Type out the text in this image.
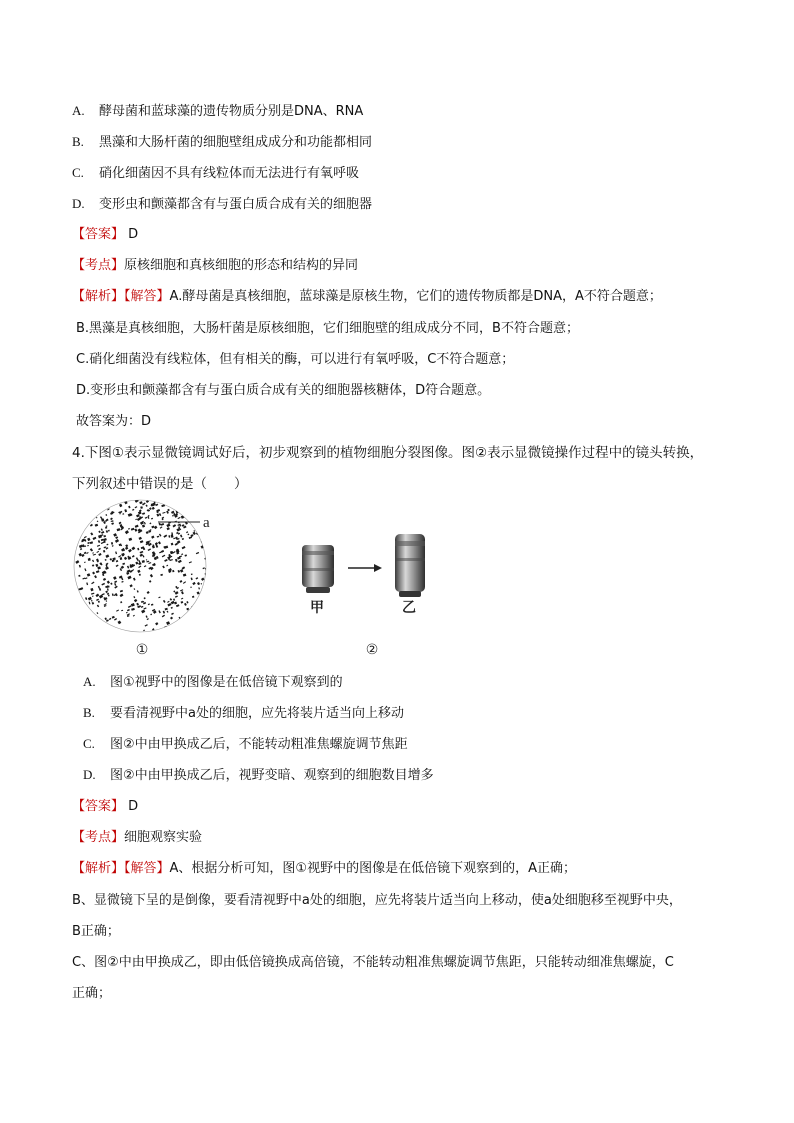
A. 酵母菌和蓝球藻的遗传物质分别是DNA、RNA
B. 黑藻和大肠杆菌的细胞壁组成成分和功能都相同
C. 硝化细菌因不具有线粒体而无法进行有氧呼吸
D. 变形虫和颤藻都含有与蛋白质合成有关的细胞器
【答案】 D
【考点】原核细胞和真核细胞的形态和结构的异同
【解析】【解答】A.酵母菌是真核细胞，蓝球藻是原核生物，它们的遗传物质都是DNA，A不符合题意；
B.黑藻是真核细胞，大肠杆菌是原核细胞，它们细胞壁的组成成分不同，B不符合题意；
C.硝化细菌没有线粒体，但有相关的酶，可以进行有氧呼吸，C不符合题意；
D.变形虫和颤藻都含有与蛋白质合成有关的细胞器核糖体，D符合题意。
故答案为：D
4.下图①表示显微镜调试好后，初步观察到的植物细胞分裂图像。图②表示显微镜操作过程中的镜头转换，
下列叙述中错误的是（　　）
a
甲	乙
①	②
A. 图①视野中的图像是在低倍镜下观察到的
B. 要看清视野中a处的细胞，应先将装片适当向上移动
C. 图②中由甲换成乙后，不能转动粗准焦螺旋调节焦距
D. 图②中由甲换成乙后，视野变暗、观察到的细胞数目增多
【答案】 D
【考点】细胞观察实验
【解析】【解答】A、根据分析可知，图①视野中的图像是在低倍镜下观察到的，A正确；
B、显微镜下呈的是倒像，要看清视野中a处的细胞，应先将装片适当向上移动，使a处细胞移至视野中央，
B正确；
C、图②中由甲换成乙，即由低倍镜换成高倍镜，不能转动粗准焦螺旋调节焦距，只能转动细准焦螺旋，C
正确；
